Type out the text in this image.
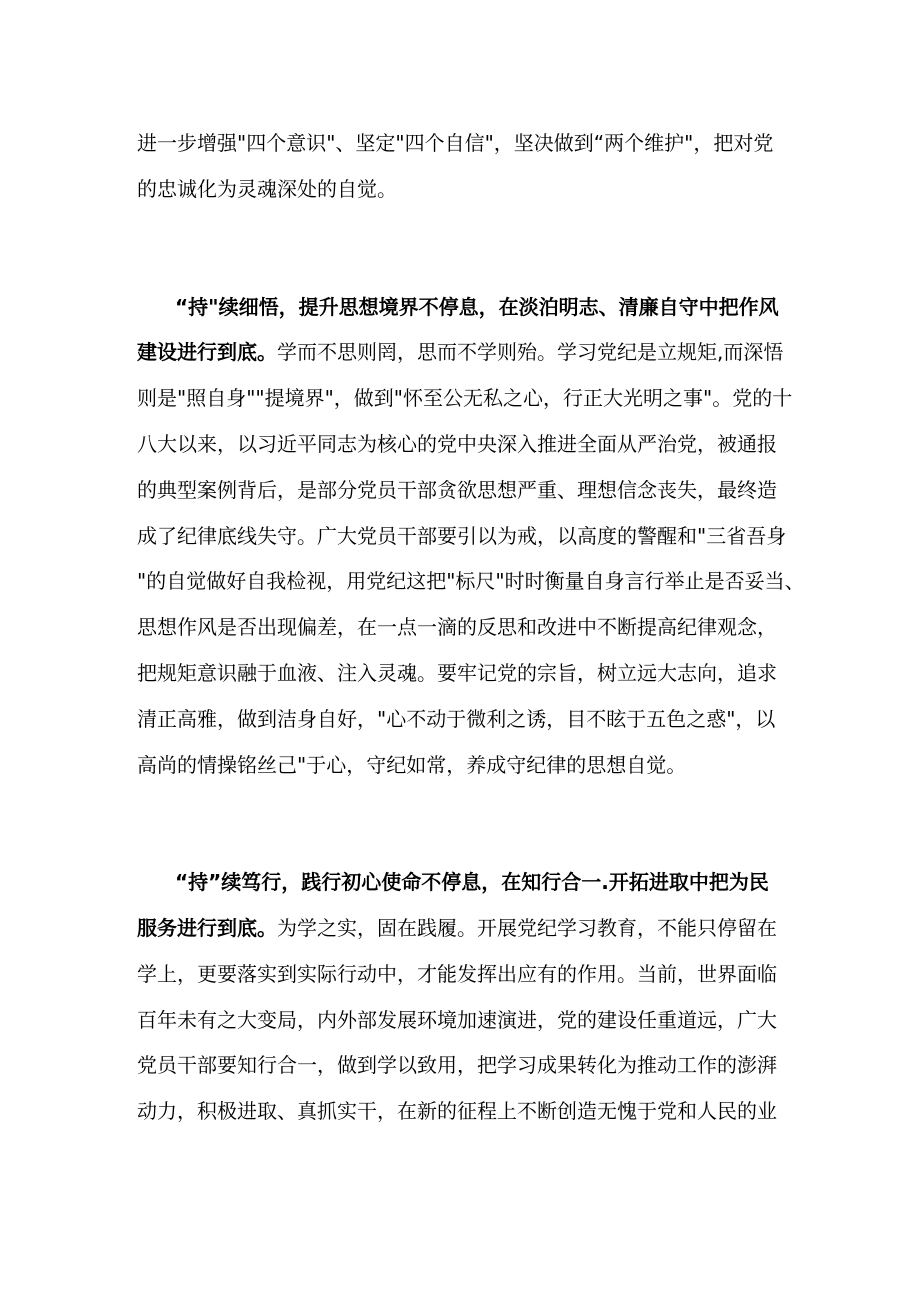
进一步增强"四个意识"、坚定"四个自信"，坚决做到“两个维护"，把对党
的忠诚化为灵魂深处的自觉。
“持"续细悟，提升思想境界不停息，在淡泊明志、清廉自守中把作风
建设进行到底。学而不思则罔，思而不学则殆。学习党纪是立规矩,而深悟
则是"照自身""提境界"，做到"怀至公无私之心，行正大光明之事"。党的十
八大以来，以习近平同志为核心的党中央深入推进全面从严治党，被通报
的典型案例背后，是部分党员干部贪欲思想严重、理想信念丧失，最终造
成了纪律底线失守。广大党员干部要引以为戒，以高度的警醒和"三省吾身
"的自觉做好自我检视，用党纪这把"标尺"时时衡量自身言行举止是否妥当、
思想作风是否出现偏差，在一点一滴的反思和改进中不断提高纪律观念，
把规矩意识融于血液、注入灵魂。要牢记党的宗旨，树立远大志向，追求
清正高雅，做到洁身自好，"心不动于微利之诱，目不眩于五色之惑"，以
高尚的情操铭丝己"于心，守纪如常，养成守纪律的思想自觉。
“持”续笃行，践行初心使命不停息，在知行合一.开拓进取中把为民
服务进行到底。为学之实，固在践履。开展党纪学习教育，不能只停留在
学上，更要落实到实际行动中，才能发挥出应有的作用。当前，世界面临
百年未有之大变局，内外部发展环境加速演进，党的建设任重道远，广大
党员干部要知行合一，做到学以致用，把学习成果转化为推动工作的澎湃
动力，积极进取、真抓实干，在新的征程上不断创造无愧于党和人民的业
